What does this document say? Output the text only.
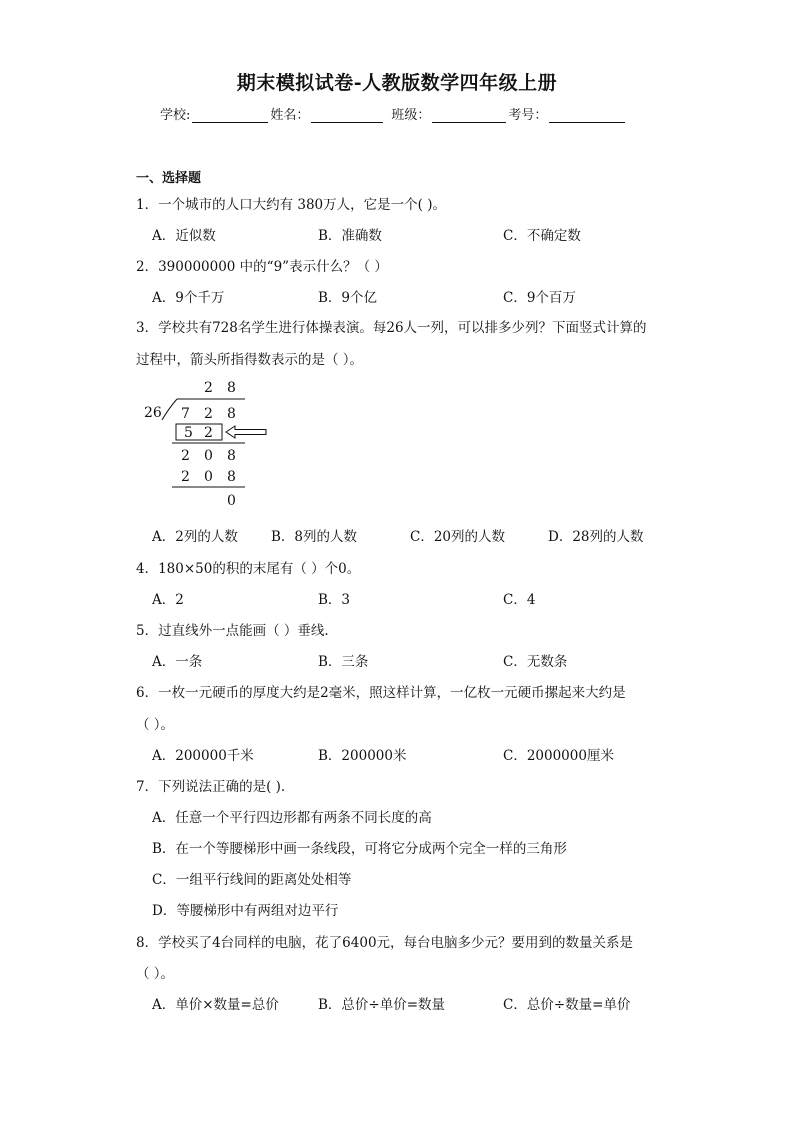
期末模拟试卷-人教版数学四年级上册
学校:	姓名：	班级：	考号：
一、选择题
1．一个城市的人口大约有 380万人，它是一个( )。
A．近似数	B．准确数	C．不确定数
2．390000000 中的“9”表示什么？（ ）
A．9个千万	B．9个亿	C．9个百万
3．学校共有728名学生进行体操表演。每26人一列，可以排多少列？下面竖式计算的
过程中，箭头所指得数表示的是（ ）。
2 8
26 7 2 8
5 2
2 0 8
2 0 8
0
A．2列的人数 B．8列的人数	C．20列的人数	D．28列的人数
4．180×50的积的末尾有（ ）个0。
A．2	B．3	C．4
5．过直线外一点能画（ ）垂线.
A．一条	B．三条	C．无数条
6．一枚一元硬币的厚度大约是2毫米，照这样计算，一亿枚一元硬币摞起来大约是
（ ）。
A．200000千米	B．200000米	C．2000000厘米
7．下列说法正确的是( ).
A．任意一个平行四边形都有两条不同长度的高
B．在一个等腰梯形中画一条线段，可将它分成两个完全一样的三角形
C．一组平行线间的距离处处相等
D．等腰梯形中有两组对边平行
8．学校买了4台同样的电脑，花了6400元，每台电脑多少元？要用到的数量关系是
（ ）。
A．单价×数量=总价	B．总价÷单价=数量	C．总价÷数量=单价
